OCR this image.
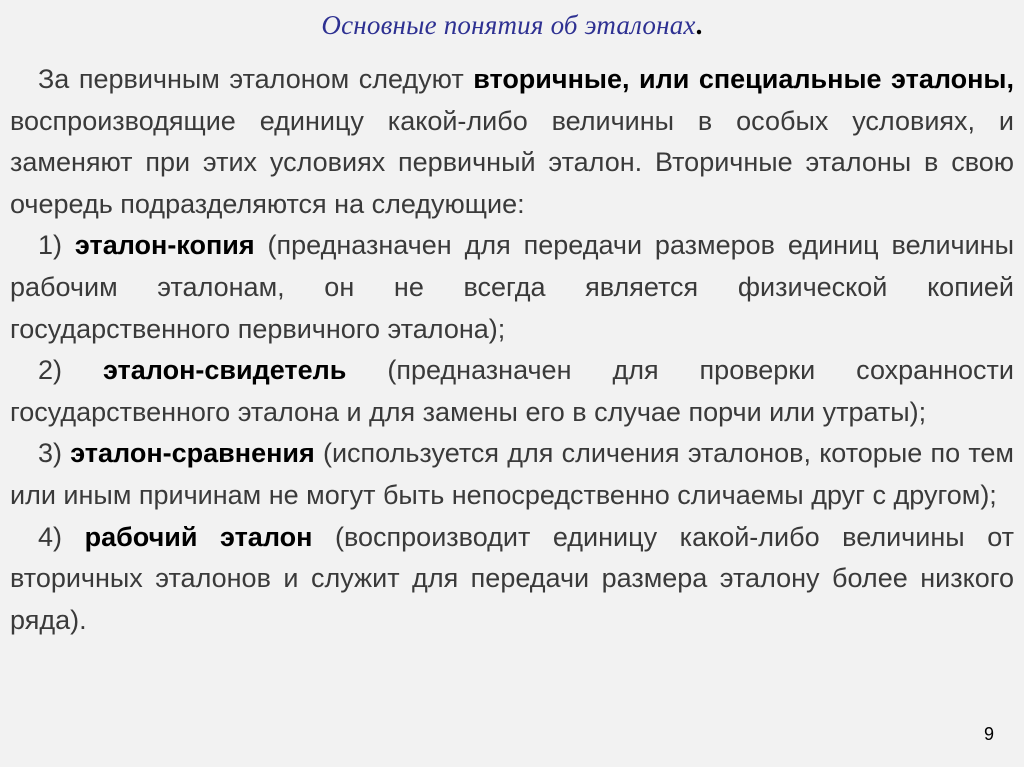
Основные понятия об эталонах.

За первичным эталоном следуют вторичные, или специальные эталоны, воспроизводящие единицу какой-либо величины в особых условиях, и заменяют при этих условиях первичный эталон. Вторичные эталоны в свою очередь подразделяются на следующие:

1) эталон-копия (предназначен для передачи размеров единиц величины рабочим эталонам, он не всегда является физической копией государственного первичного эталона);

2) эталон-свидетель (предназначен для проверки сохранности государственного эталона и для замены его в случае порчи или утраты);

3) эталон-сравнения (используется для сличения эталонов, которые по тем или иным причинам не могут быть непосредственно сличаемы друг с другом);

4) рабочий эталон (воспроизводит единицу какой-либо величины от вторичных эталонов и служит для передачи размера эталону более низкого ряда).

9
